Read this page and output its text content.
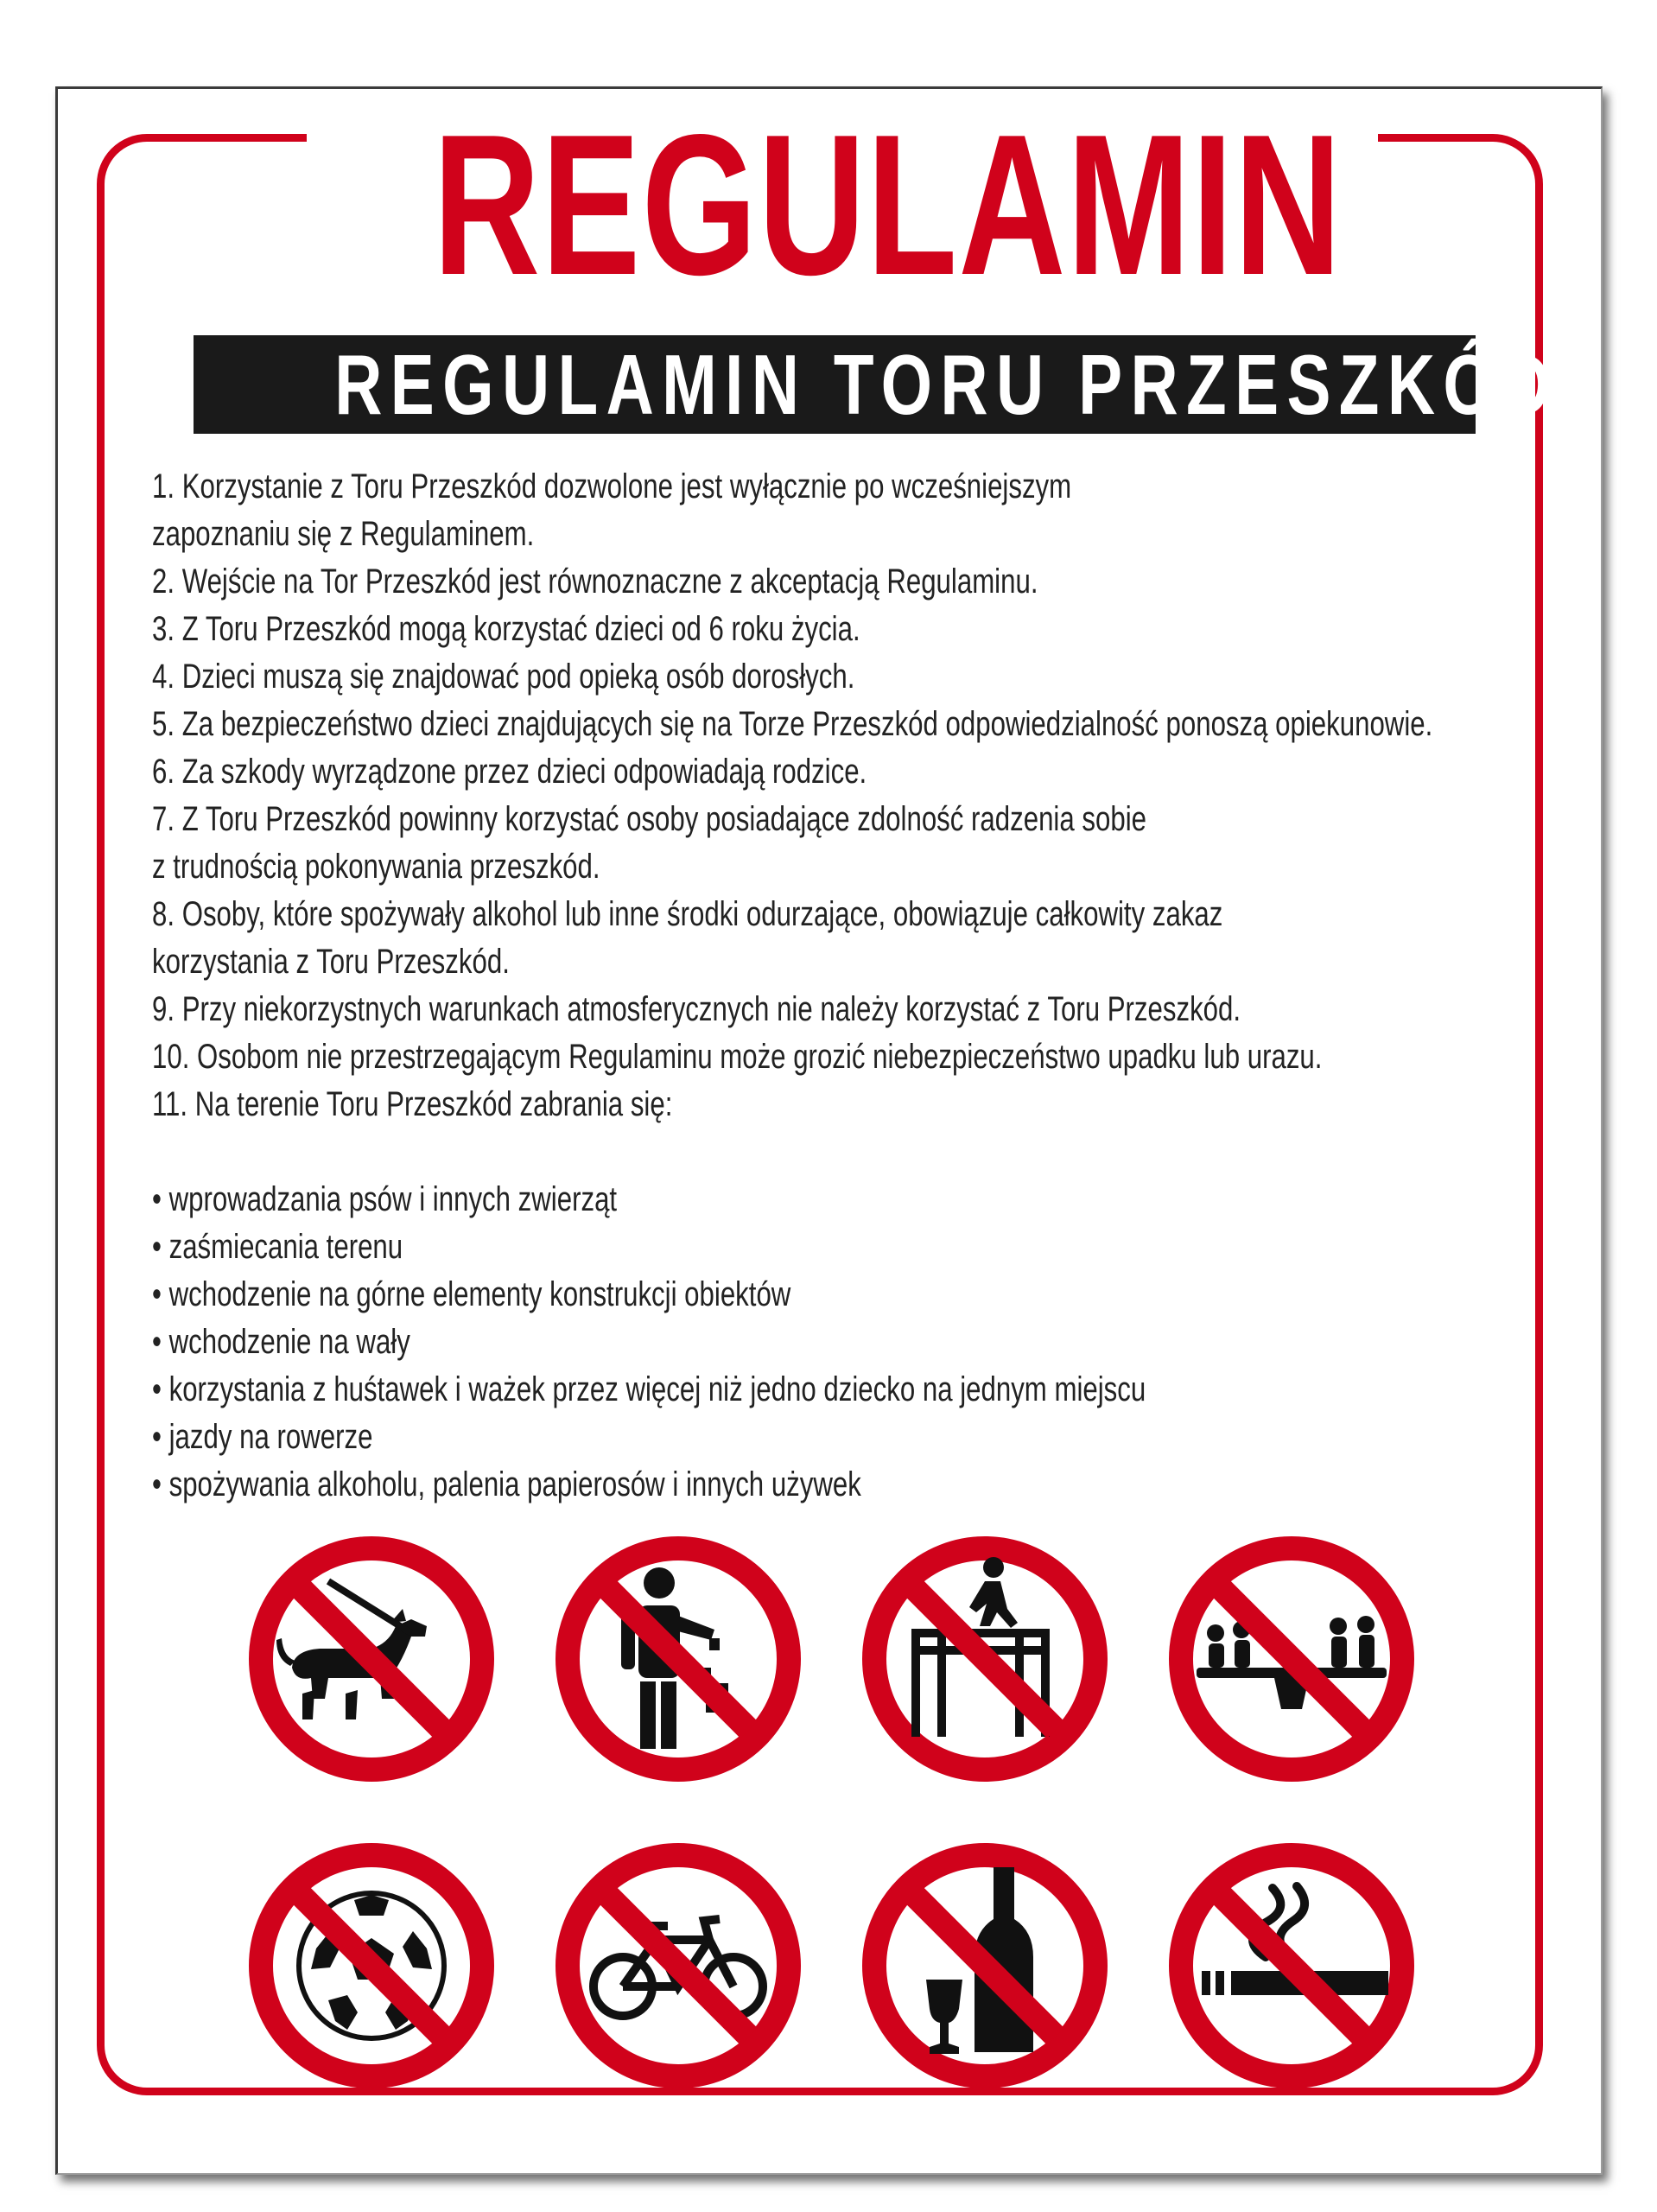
REGULAMIN
REGULAMIN TORU PRZESZKÓD
1. Korzystanie z Toru Przeszkód dozwolone jest wyłącznie po wcześniejszym
zapoznaniu się z Regulaminem.
2. Wejście na Tor Przeszkód jest równoznaczne z akceptacją Regulaminu.
3. Z Toru Przeszkód mogą korzystać dzieci od 6 roku życia.
4. Dzieci muszą się znajdować pod opieką osób dorosłych.
5. Za bezpieczeństwo dzieci znajdujących się na Torze Przeszkód odpowiedzialność ponoszą opiekunowie.
6. Za szkody wyrządzone przez dzieci odpowiadają rodzice.
7. Z Toru Przeszkód powinny korzystać osoby posiadające zdolność radzenia sobie
z trudnością pokonywania przeszkód.
8. Osoby, które spożywały alkohol lub inne środki odurzające, obowiązuje całkowity zakaz
korzystania z Toru Przeszkód.
9. Przy niekorzystnych warunkach atmosferycznych nie należy korzystać z Toru Przeszkód.
10. Osobom nie przestrzegającym Regulaminu może grozić niebezpieczeństwo upadku lub urazu.
11. Na terenie Toru Przeszkód zabrania się:
• wprowadzania psów i innych zwierząt
• zaśmiecania terenu
• wchodzenie na górne elementy konstrukcji obiektów
• wchodzenie na wały
• korzystania z huśtawek i ważek przez więcej niż jedno dziecko na jednym miejscu
• jazdy na rowerze
• spożywania alkoholu, palenia papierosów i innych używek
